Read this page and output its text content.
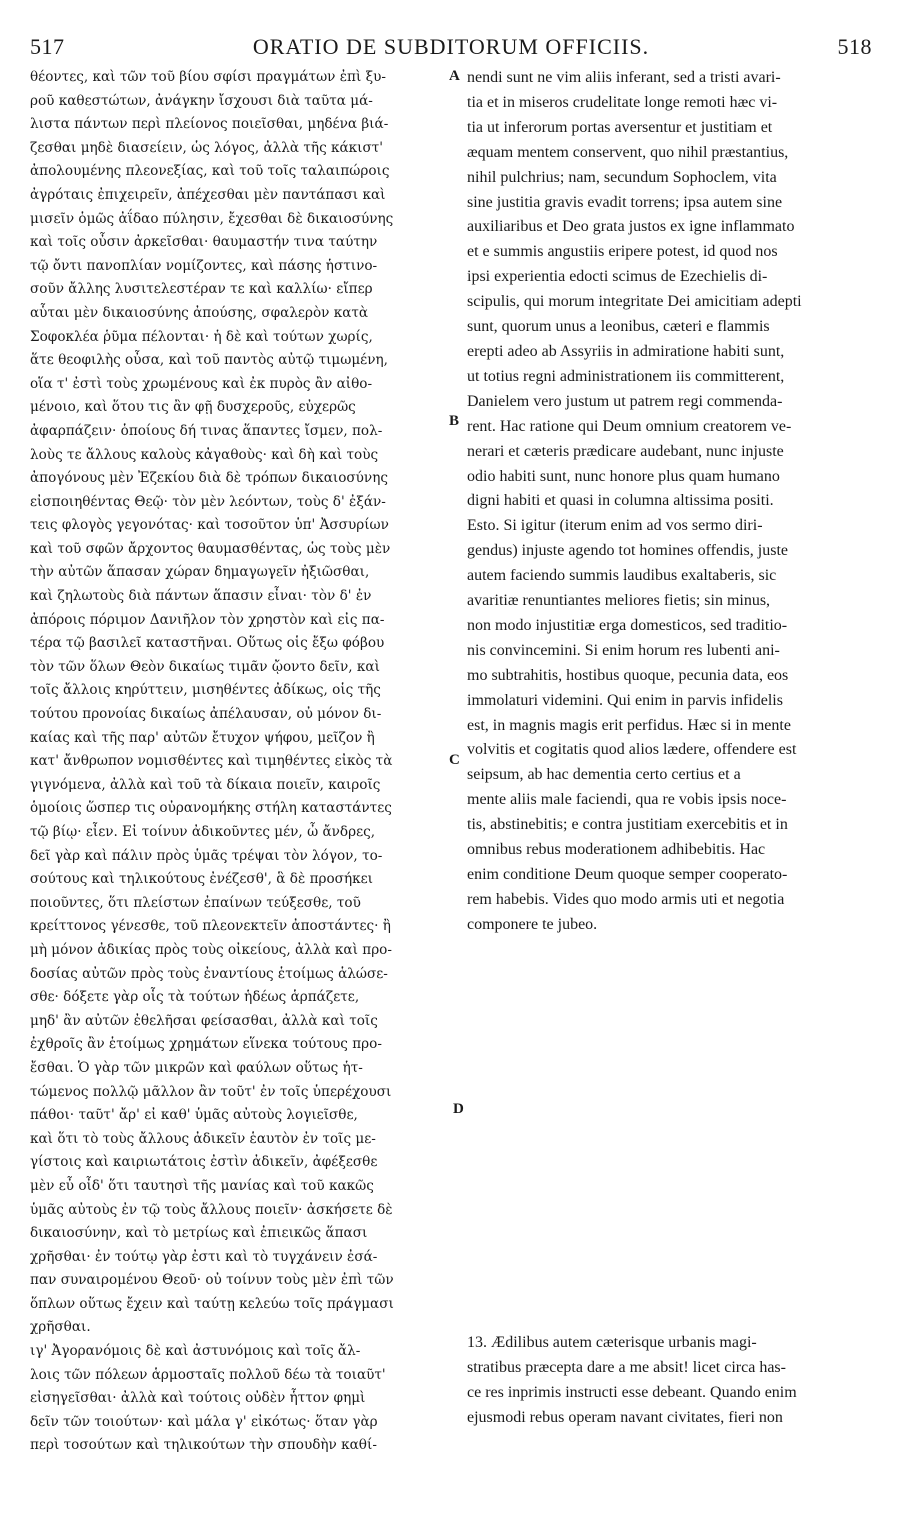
517	ORATIO DE SUBDITORUM OFFICIIS.	518
θέοντες, καὶ τῶν τοῦ βίου σφίσι πραγμάτων ἐπὶ ξυ-
ροῦ καθεστώτων, ἀνάγκην ἴσχουσι διὰ ταῦτα μά-
λιστα πάντων περὶ πλείονος ποιεῖσθαι, μηδένα βιά-
ζεσθαι μηδὲ διασείειν, ὡς λόγος, ἀλλὰ τῆς κάκιστ'
ἀπολουμένης πλεονεξίας, καὶ τοῦ τοῖς ταλαιπώροις
ἀγρόταις ἐπιχειρεῖν, ἀπέχεσθαι μὲν παντάπασι καὶ
μισεῖν ὁμῶς ἀΐδαο πύλησιν, ἔχεσθαι δὲ δικαιοσύνης
καὶ τοῖς οὖσιν ἀρκεῖσθαι· θαυμαστήν τινα ταύτην
τῷ ὄντι πανοπλίαν νομίζοντες, καὶ πάσης ἡστινο-
σοῦν ἄλλης λυσιτελεστέραν τε καὶ καλλίω· εἴπερ
αὗται μὲν δικαιοσύνης ἀπούσης, σφαλερὸν κατὰ
Σοφοκλέα ῥῦμα πέλονται· ἡ δὲ καὶ τούτων χωρίς,
ἅτε θεοφιλὴς οὖσα, καὶ τοῦ παντὸς αὐτῷ τιμωμένη,
οἵα τ' ἐστὶ τοὺς χρωμένους καὶ ἐκ πυρὸς ἂν αἰθο-
μένοιο, καὶ ὅτου τις ἂν φῇ δυσχεροῦς, εὐχερῶς
ἀφαρπάζειν· ὁποίους δή τινας ἅπαντες ἴσμεν, πολ-
λοὺς τε ἄλλους καλοὺς κἀγαθοὺς· καὶ δὴ καὶ τοὺς
ἀπογόνους μὲν Ἐζεκίου διὰ δὲ τρόπων δικαιοσύνης
εἰσποιηθέντας Θεῷ· τὸν μὲν λεόντων, τοὺς δ' ἐξάν-
τεις φλογὸς γεγονότας· καὶ τοσοῦτον ὑπ' Ἀσσυρίων
καὶ τοῦ σφῶν ἄρχοντος θαυμασθέντας, ὡς τοὺς μὲν
τὴν αὐτῶν ἅπασαν χώραν δημαγωγεῖν ἠξιῶσθαι,
καὶ ζηλωτοὺς διὰ πάντων ἅπασιν εἶναι· τὸν δ' ἐν
ἀπόροις πόριμον Δανιῆλον τὸν χρηστὸν καὶ εἰς πα-
τέρα τῷ βασιλεῖ καταστῆναι. Οὕτως οἱς ἔξω φόβου
τὸν τῶν ὅλων Θεὸν δικαίως τιμᾶν ᾤοντο δεῖν, καὶ
τοῖς ἄλλοις κηρύττειν, μισηθέντες ἀδίκως, οἱς τῆς
τούτου προνοίας δικαίως ἀπέλαυσαν, οὐ μόνον δι-
καίας καὶ τῆς παρ' αὐτῶν ἔτυχον ψήφου, μεῖζον ἢ
κατ' ἄνθρωπον νομισθέντες καὶ τιμηθέντες εἰκὸς τὰ
γιγνόμενα, ἀλλὰ καὶ τοῦ τὰ δίκαια ποιεῖν, καιροῖς
ὁμοίοις ὥσπερ τις οὐρανομήκης στήλη καταστάντες
τῷ βίῳ· εἶεν. Εἰ τοίνυν ἀδικοῦντες μέν, ὦ ἄνδρες,
δεῖ γὰρ καὶ πάλιν πρὸς ὑμᾶς τρέψαι τὸν λόγον, το-
σούτους καὶ τηλικούτους ἐνέζεσθ', ἃ δὲ προσήκει
ποιοῦντες, ὅτι πλείστων ἐπαίνων τεύξεσθε, τοῦ
κρείττονος γένεσθε, τοῦ πλεονεκτεῖν ἀποστάντες· ἢ
μὴ μόνον ἀδικίας πρὸς τοὺς οἰκείους, ἀλλὰ καὶ προ-
δοσίας αὐτῶν πρὸς τοὺς ἐναντίους ἑτοίμως ἁλώσε-
σθε· δόξετε γὰρ οἷς τὰ τούτων ἡδέως ἁρπάζετε,
μηδ' ἂν αὐτῶν ἐθελῆσαι φείσασθαι, ἀλλὰ καὶ τοῖς
ἐχθροῖς ἂν ἑτοίμως χρημάτων εἵνεκα τούτους προ-
ἔσθαι. Ὁ γὰρ τῶν μικρῶν καὶ φαύλων οὕτως ἡτ-
τώμενος πολλῷ μᾶλλον ἂν τοῦτ' ἐν τοῖς ὑπερέχουσι
πάθοι· ταῦτ' ἄρ' εἰ καθ' ὑμᾶς αὐτοὺς λογιεῖσθε,
καὶ ὅτι τὸ τοὺς ἄλλους ἀδικεῖν ἑαυτὸν ἐν τοῖς με-
γίστοις καὶ καιριωτάτοις ἐστὶν ἀδικεῖν, ἀφέξεσθε
μὲν εὖ οἶδ' ὅτι ταυτησὶ τῆς μανίας καὶ τοῦ κακῶς
ὑμᾶς αὐτοὺς ἐν τῷ τοὺς ἄλλους ποιεῖν· ἀσκήσετε δὲ
δικαιοσύνην, καὶ τὸ μετρίως καὶ ἐπιεικῶς ἅπασι
χρῆσθαι· ἐν τούτῳ γὰρ ἐστι καὶ τὸ τυγχάνειν ἐσά-
παν συναιρομένου Θεοῦ· οὐ τοίνυν τοὺς μὲν ἐπὶ τῶν
ὅπλων οὕτως ἔχειν καὶ ταύτῃ κελεύω τοῖς πράγμασι
χρῆσθαι.
ιγ' Ἀγορανόμοις δὲ καὶ ἀστυνόμοις καὶ τοῖς ἄλ-
λοις τῶν πόλεων ἁρμοσταῖς πολλοῦ δέω τὰ τοιαῦτ'
εἰσηγεῖσθαι· ἀλλὰ καὶ τούτοις οὐδὲν ἧττον φημὶ
δεῖν τῶν τοιούτων· καὶ μάλα γ' εἰκότως· ὅταν γὰρ
περὶ τοσούτων καὶ τηλικούτων τὴν σπουδὴν καθί-
nendi sunt ne vim aliis inferant, sed a tristi avari-
tia et in miseros crudelitate longe remoti hæc vi-
tia ut inferorum portas aversentur et justitiam et
æquam mentem conservent, quo nihil præstantius,
nihil pulchrius; nam, secundum Sophoclem, vita
sine justitia gravis evadit torrens; ipsa autem sine
auxiliaribus et Deo grata justos ex igne inflammato
et e summis angustiis eripere potest, id quod nos
ipsi experientia edocti scimus de Ezechielis di-
scipulis, qui morum integritate Dei amicitiam adepti
sunt, quorum unus a leonibus, cæteri e flammis
erepti adeo ab Assyriis in admiratione habiti sunt,
ut totius regni administrationem iis committerent,
Danielem vero justum ut patrem regi commenda-
rent. Hac ratione qui Deum omnium creatorem ve-
nerari et cæteris prædicare audebant, nunc injuste
odio habiti sunt, nunc honore plus quam humano
digni habiti et quasi in columna altissima positi.
Esto. Si igitur (iterum enim ad vos sermo diri-
gendus) injuste agendo tot homines offendis, juste
autem faciendo summis laudibus exaltaberis, sic
avaritiæ renuntiantes meliores fietis; sin minus,
non modo injustitiæ erga domesticos, sed traditio-
nis convincemini. Si enim horum res lubenti ani-
mo subtrahitis, hostibus quoque, pecunia data, eos
immolaturi videmini. Qui enim in parvis infidelis
est, in magnis magis erit perfidus. Hæc si in mente
volvitis et cogitatis quod alios lædere, offendere est
seipsum, ab hac dementia certo certius et a
mente aliis male faciendi, qua re vobis ipsis noce-
tis, abstinebitis; e contra justitiam exercebitis et in
omnibus rebus moderationem adhibebitis. Hac
enim conditione Deum quoque semper cooperato-
rem habebis. Vides quo modo armis uti et negotia
componere te jubeo.
13. Ædilibus autem cæterisque urbanis magi-
stratibus præcepta dare a me absit! licet circa has-
ce res inprimis instructi esse debeant. Quando enim
ejusmodi rebus operam navant civitates, fieri non
A
B
C
D
